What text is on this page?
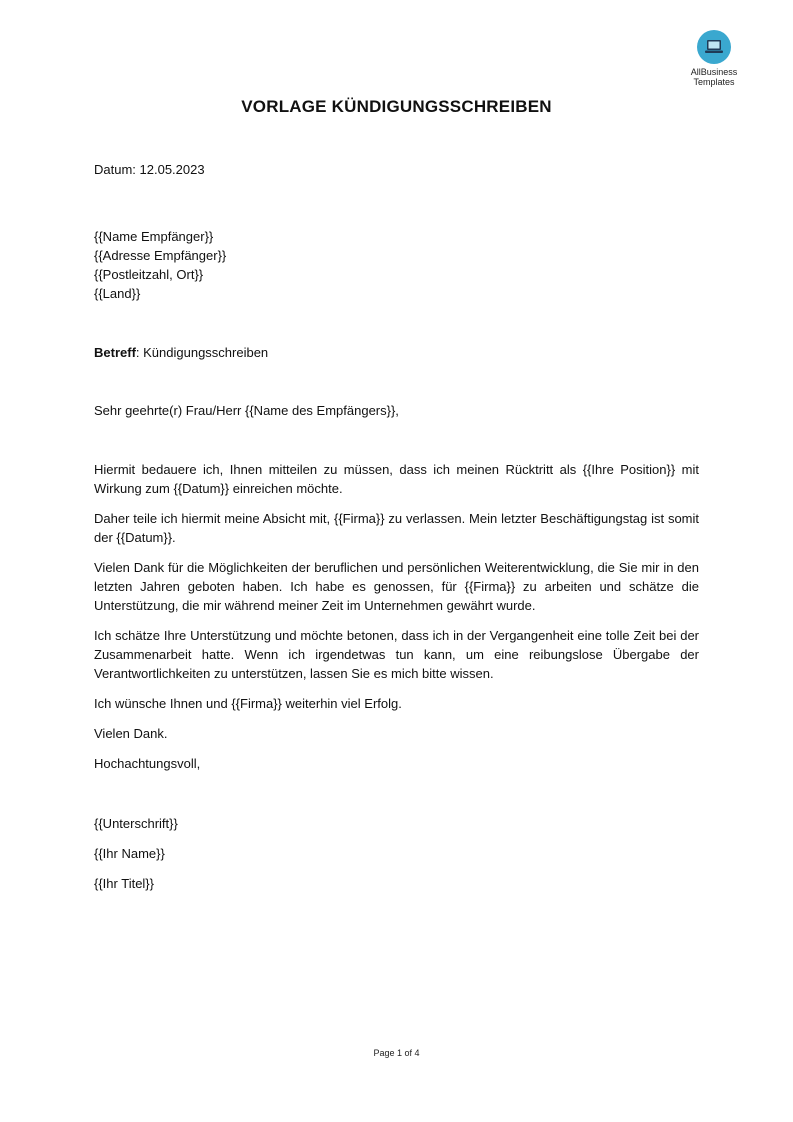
AllBusiness
Templates
VORLAGE KÜNDIGUNGSSCHREIBEN
Datum: 12.05.2023
{{Name Empfänger}}
{{Adresse Empfänger}}
{{Postleitzahl, Ort}}
{{Land}}
Betreff: Kündigungsschreiben
Sehr geehrte(r) Frau/Herr {{Name des Empfängers}},

Hiermit bedauere ich, Ihnen mitteilen zu müssen, dass ich meinen Rücktritt als {{Ihre Position}} mit Wirkung zum {{Datum}} einreichen möchte.

Daher teile ich hiermit meine Absicht mit, {{Firma}} zu verlassen. Mein letzter Beschäftigungstag ist somit der {{Datum}}.

Vielen Dank für die Möglichkeiten der beruflichen und persönlichen Weiterentwicklung, die Sie mir in den letzten Jahren geboten haben. Ich habe es genossen, für {{Firma}} zu arbeiten und schätze die Unterstützung, die mir während meiner Zeit im Unternehmen gewährt wurde.

Ich schätze Ihre Unterstützung und möchte betonen, dass ich in der Vergangenheit eine tolle Zeit bei der Zusammenarbeit hatte. Wenn ich irgendetwas tun kann, um eine reibungslose Übergabe der Verantwortlichkeiten zu unterstützen, lassen Sie es mich bitte wissen.

Ich wünsche Ihnen und {{Firma}} weiterhin viel Erfolg.

Vielen Dank.

Hochachtungsvoll,

{{Unterschrift}}
{{Ihr Name}}
{{Ihr Titel}}
Page 1 of 4
